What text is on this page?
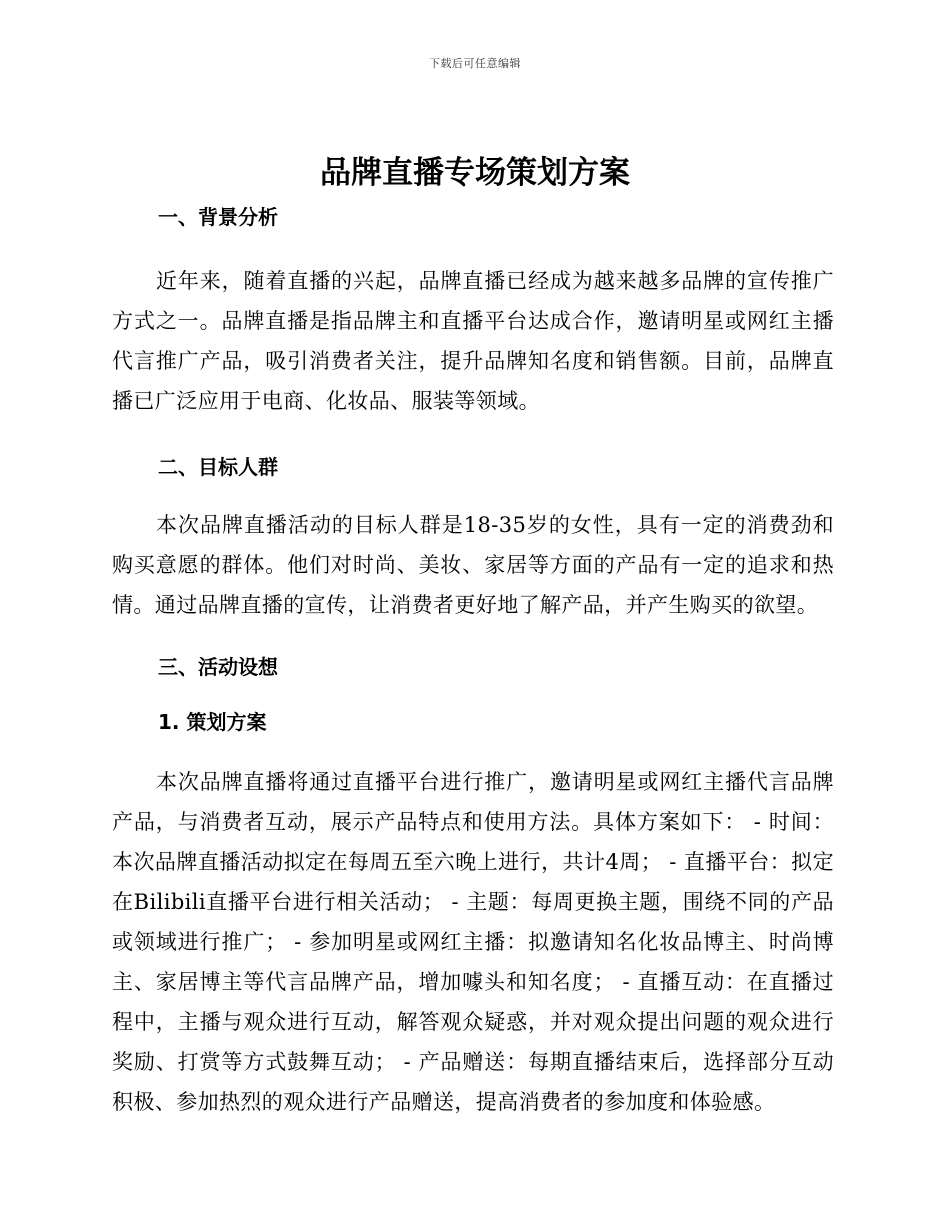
下载后可任意编辑
品牌直播专场策划方案
一、背景分析

近年来，随着直播的兴起，品牌直播已经成为越来越多品牌的宣传推广方式之一。品牌直播是指品牌主和直播平台达成合作，邀请明星或网红主播代言推广产品，吸引消费者关注，提升品牌知名度和销售额。目前，品牌直播已广泛应用于电商、化妆品、服装等领域。

二、目标人群

本次品牌直播活动的目标人群是18-35岁的女性，具有一定的消费劲和购买意愿的群体。他们对时尚、美妆、家居等方面的产品有一定的追求和热情。通过品牌直播的宣传，让消费者更好地了解产品，并产生购买的欲望。

三、活动设想
1. 策划方案

本次品牌直播将通过直播平台进行推广，邀请明星或网红主播代言品牌产品，与消费者互动，展示产品特点和使用方法。具体方案如下： - 时间：本次品牌直播活动拟定在每周五至六晚上进行，共计4周； - 直播平台：拟定在Bilibili直播平台进行相关活动； - 主题：每周更换主题，围绕不同的产品或领域进行推广； - 参加明星或网红主播：拟邀请知名化妆品博主、时尚博主、家居博主等代言品牌产品，增加噱头和知名度； - 直播互动：在直播过程中，主播与观众进行互动，解答观众疑惑，并对观众提出问题的观众进行奖励、打赏等方式鼓舞互动； - 产品赠送：每期直播结束后，选择部分互动积极、参加热烈的观众进行产品赠送，提高消费者的参加度和体验感。
